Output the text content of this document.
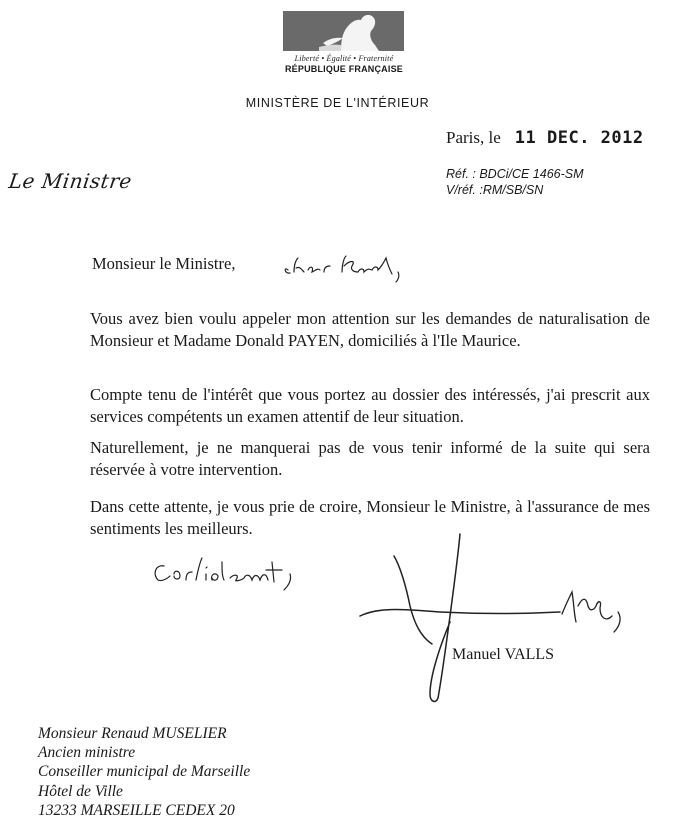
Liberté • Égalité • Fraternité
RÉPUBLIQUE FRANÇAISE
MINISTÈRE DE L'INTÉRIEUR
Paris, le 11 DEC. 2012
Le Ministre	Réf. : BDCi/CE 1466-SM
V/réf. :RM/SB/SN
Monsieur le Ministre,
Vous avez bien voulu appeler mon attention sur les demandes de naturalisation de Monsieur et Madame Donald PAYEN, domiciliés à l'Ile Maurice.
Compte tenu de l'intérêt que vous portez au dossier des intéressés, j'ai prescrit aux services compétents un examen attentif de leur situation.
Naturellement, je ne manquerai pas de vous tenir informé de la suite qui sera réservée à votre intervention.
Dans cette attente, je vous prie de croire, Monsieur le Ministre, à l'assurance de mes sentiments les meilleurs.
Manuel VALLS
Monsieur Renaud MUSELIER
Ancien ministre
Conseiller municipal de Marseille
Hôtel de Ville
13233 MARSEILLE CEDEX 20
